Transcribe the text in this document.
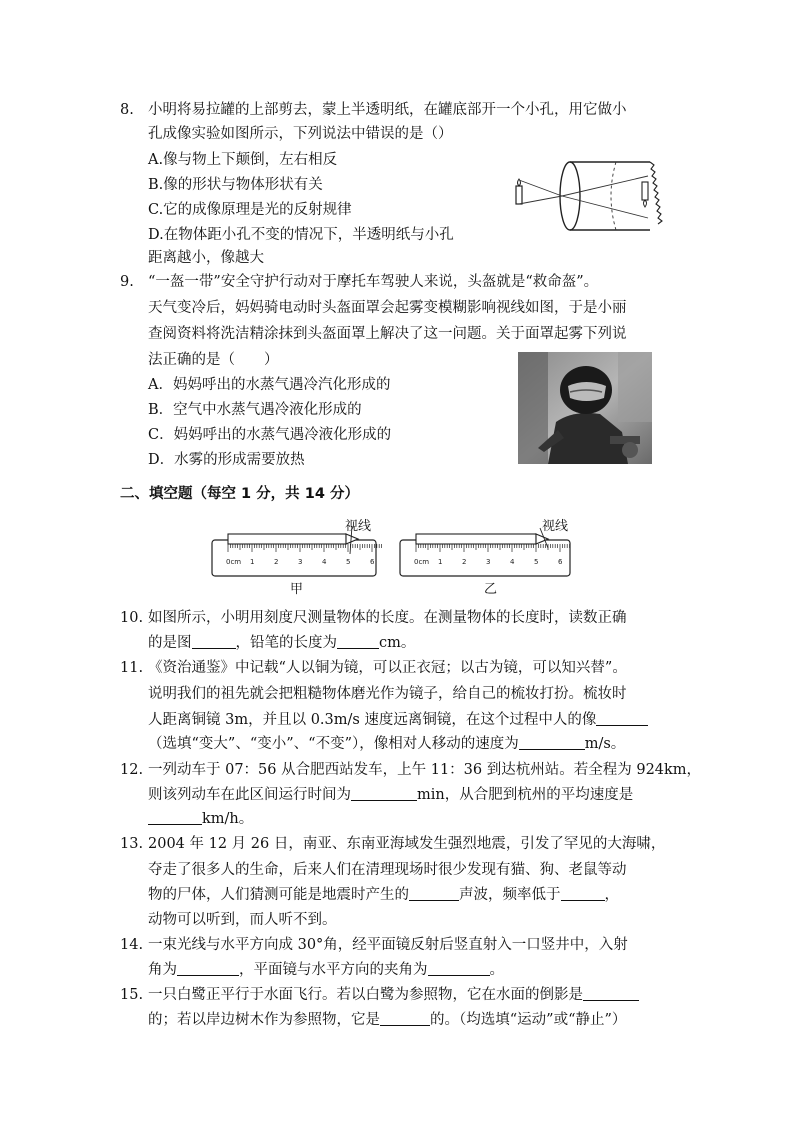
8. 小明将易拉罐的上部剪去，蒙上半透明纸，在罐底部开一个小孔，用它做小
孔成像实验如图所示，下列说法中错误的是（）
A.像与物上下颠倒，左右相反
B.像的形状与物体形状有关
C.它的成像原理是光的反射规律
D.在物体距小孔不变的情况下，半透明纸与小孔
距离越小，像越大
9. “一盔一带”安全守护行动对于摩托车驾驶人来说，头盔就是“救命盔”。
天气变冷后，妈妈骑电动时头盔面罩会起雾变模糊影响视线如图，于是小丽
查阅资料将洗洁精涂抹到头盔面罩上解决了这一问题。关于面罩起雾下列说
法正确的是（　　）
A．妈妈呼出的水蒸气遇冷汽化形成的
B．空气中水蒸气遇冷液化形成的
C．妈妈呼出的水蒸气遇冷液化形成的
D．水雾的形成需要放热
二、填空题（每空 1 分，共 14 分）
0cm 1	2	3	4	5	6
视线
甲
0cm 1	2	3	4	5	6
视线
乙
10. 如图所示，小明用刻度尺测量物体的长度。在测量物体的长度时，读数正确
的是图	，铅笔的长度为	cm。
11. 《资治通鉴》中记载“人以铜为镜，可以正衣冠；以古为镜，可以知兴替”。
说明我们的祖先就会把粗糙物体磨光作为镜子，给自己的梳妆打扮。梳妆时
人距离铜镜 3m，并且以 0.3m/s 速度远离铜镜，在这个过程中人的像
（选填“变大”、“变小”、“不变”），像相对人移动的速度为	m/s。
12. 一列动车于 07：56 从合肥西站发车，上午 11：36 到达杭州站。若全程为 924km，
则该列动车在此区间运行时间为	min，从合肥到杭州的平均速度是
km/h。
13. 2004 年 12 月 26 日，南亚、东南亚海域发生强烈地震，引发了罕见的大海啸，
夺走了很多人的生命，后来人们在清理现场时很少发现有猫、狗、老鼠等动
物的尸体，人们猜测可能是地震时产生的	声波，频率低于	，
动物可以听到，而人听不到。
14. 一束光线与水平方向成 30°角，经平面镜反射后竖直射入一口竖井中，入射
角为	，平面镜与水平方向的夹角为	。
15. 一只白鹭正平行于水面飞行。若以白鹭为参照物，它在水面的倒影是
的；若以岸边树木作为参照物，它是	的。（均选填“运动”或“静止”）
